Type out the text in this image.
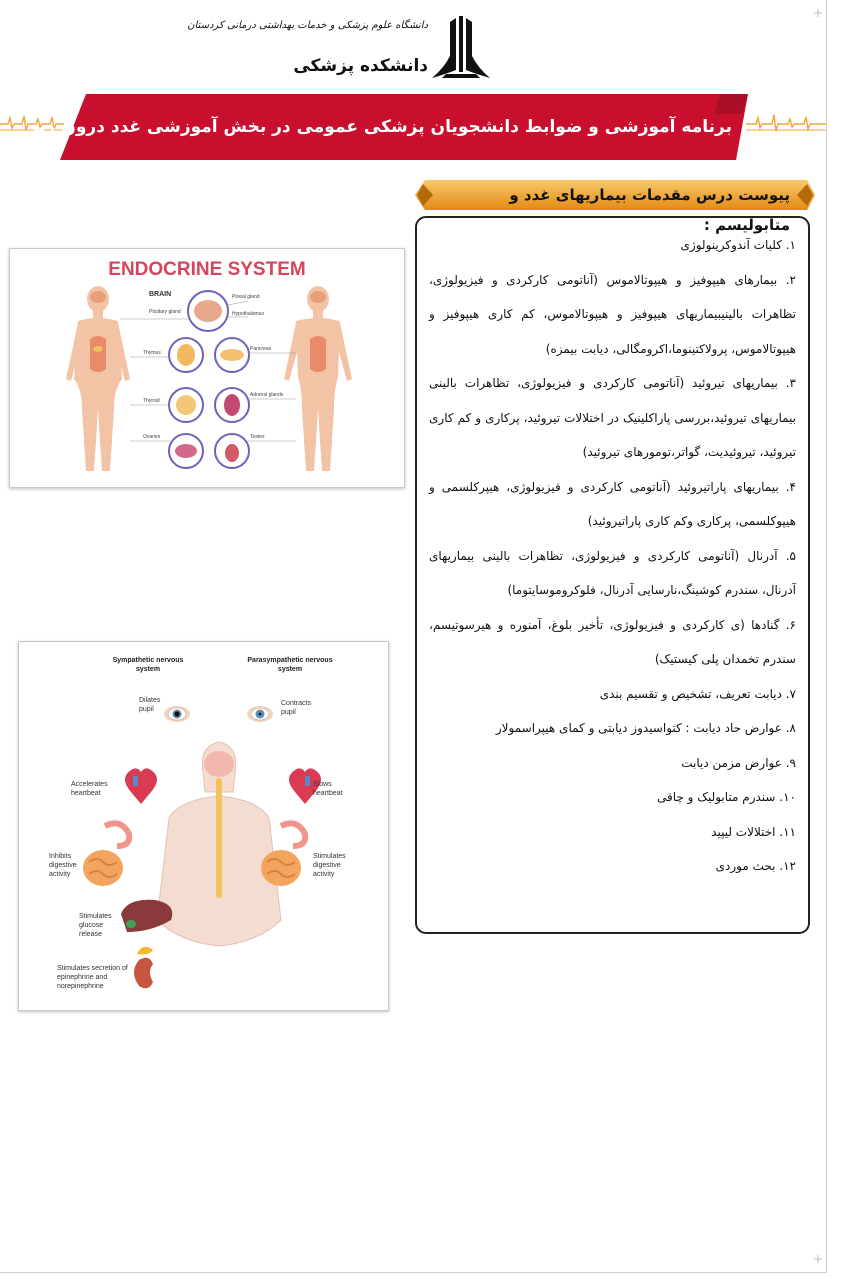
+
+
دانشگاه علوم پزشکی و خدمات بهداشتی درمانی کردستان
دانشکده پزشکی
برنامه آموزشی و ضوابط دانشجویان پزشکی عمومی در بخش آموزشی غدد درون ریز
پیوست درس مقدمات بیماریهای غدد و متابولیسم :
۱. کلیات آندوکرینولوژی
۲. بیمارهای هیپوفیز و هیپوتالاموس (آناتومی کارکردی و فیزیولوژی، تظاهرات بالینیبیماریهای هیپوفیز و هیپوتالاموس، کم کاری هیپوفیز و هیپوتالاموس، پرولاکتینوما،اکرومگالی، دیابت بیمزه)
۳. بیماریهای تیروئید (آناتومی کارکردی و فیزیولوژی، تظاهرات بالینی بیماریهای تیروئید،بررسی پاراکلینیک در اختلالات تیروئید، پرکاری و کم کاری تیروئید، تیروئیدیت، گواتر،تومورهای تیروئید)
۴. بیماریهای پاراتیروئید (آناتومی کارکردی و فیزیولوژی، هیپرکلسمی و هیپوکلسمی، پرکاری وکم کاری پاراتیروئید)
۵. آدرنال (آناتومی کارکردی و فیزیولوژی، تظاهرات بالینی بیماریهای آدرنال، سندرم کوشینگ،نارسایی آدرنال، فلوکروموسایتوما)
۶. گنادها (ی کارکردی و فیزیولوژی، تأخیر بلوغ، آمنوره و هیرسوتیسم، سندرم تخمدان پلی کیستیک)
۷. دیابت تعریف، تشخیص و تقسیم بندی
۸. عوارض حاد دیابت : کتواسیدوز دیابتی و کمای هیپراسمولار
۹. عوارض مزمن دیابت
۱۰. سندرم متابولیک و چاقی
۱۱. اختلالات لیپید
۱۲. بحث موردی
ENDOCRINE SYSTEM
BRAIN	Pineal gland
Pituitary gland	Hypothalamus
Thymus
Pancreas
Thyroid
Adrenal glands
Ovaries	Testes
Sympathetic nervous system
Parasympathetic nervous system
Dilates pupil
Contracts pupil
Accelerates heartbeat
Slows heartbeat
Inhibits digestive activity
Stimulates digestive activity
Stimulates glucose release
Stimulates secretion of epinephrine and norepinephrine
